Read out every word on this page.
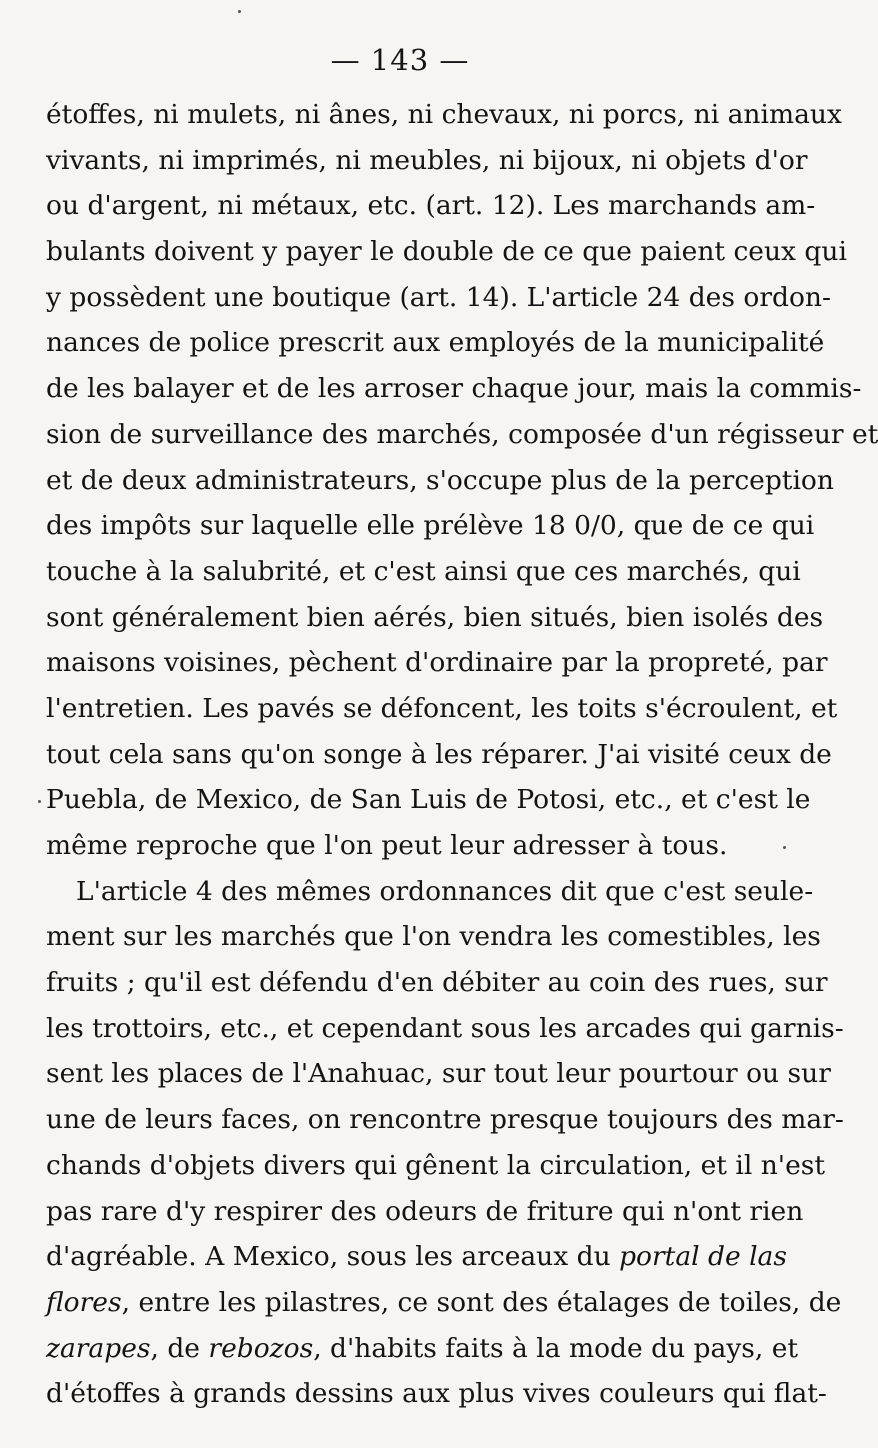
— 143 —
étoffes, ni mulets, ni ânes, ni chevaux, ni porcs, ni animaux
vivants, ni imprimés, ni meubles, ni bijoux, ni objets d'or
ou d'argent, ni métaux, etc. (art. 12). Les marchands am-
bulants doivent y payer le double de ce que paient ceux qui
y possèdent une boutique (art. 14). L'article 24 des ordon-
nances de police prescrit aux employés de la municipalité
de les balayer et de les arroser chaque jour, mais la commis-
sion de surveillance des marchés, composée d'un régisseur et
et de deux administrateurs, s'occupe plus de la perception
des impôts sur laquelle elle prélève 18 0/0, que de ce qui
touche à la salubrité, et c'est ainsi que ces marchés, qui
sont généralement bien aérés, bien situés, bien isolés des
maisons voisines, pèchent d'ordinaire par la propreté, par
l'entretien. Les pavés se défoncent, les toits s'écroulent, et
tout cela sans qu'on songe à les réparer. J'ai visité ceux de
Puebla, de Mexico, de San Luis de Potosi, etc., et c'est le
même reproche que l'on peut leur adresser à tous.
L'article 4 des mêmes ordonnances dit que c'est seule-
ment sur les marchés que l'on vendra les comestibles, les
fruits ; qu'il est défendu d'en débiter au coin des rues, sur
les trottoirs, etc., et cependant sous les arcades qui garnis-
sent les places de l'Anahuac, sur tout leur pourtour ou sur
une de leurs faces, on rencontre presque toujours des mar-
chands d'objets divers qui gênent la circulation, et il n'est
pas rare d'y respirer des odeurs de friture qui n'ont rien
d'agréable. A Mexico, sous les arceaux du portal de las
flores, entre les pilastres, ce sont des étalages de toiles, de
zarapes, de rebozos, d'habits faits à la mode du pays, et
d'étoffes à grands dessins aux plus vives couleurs qui flat-
